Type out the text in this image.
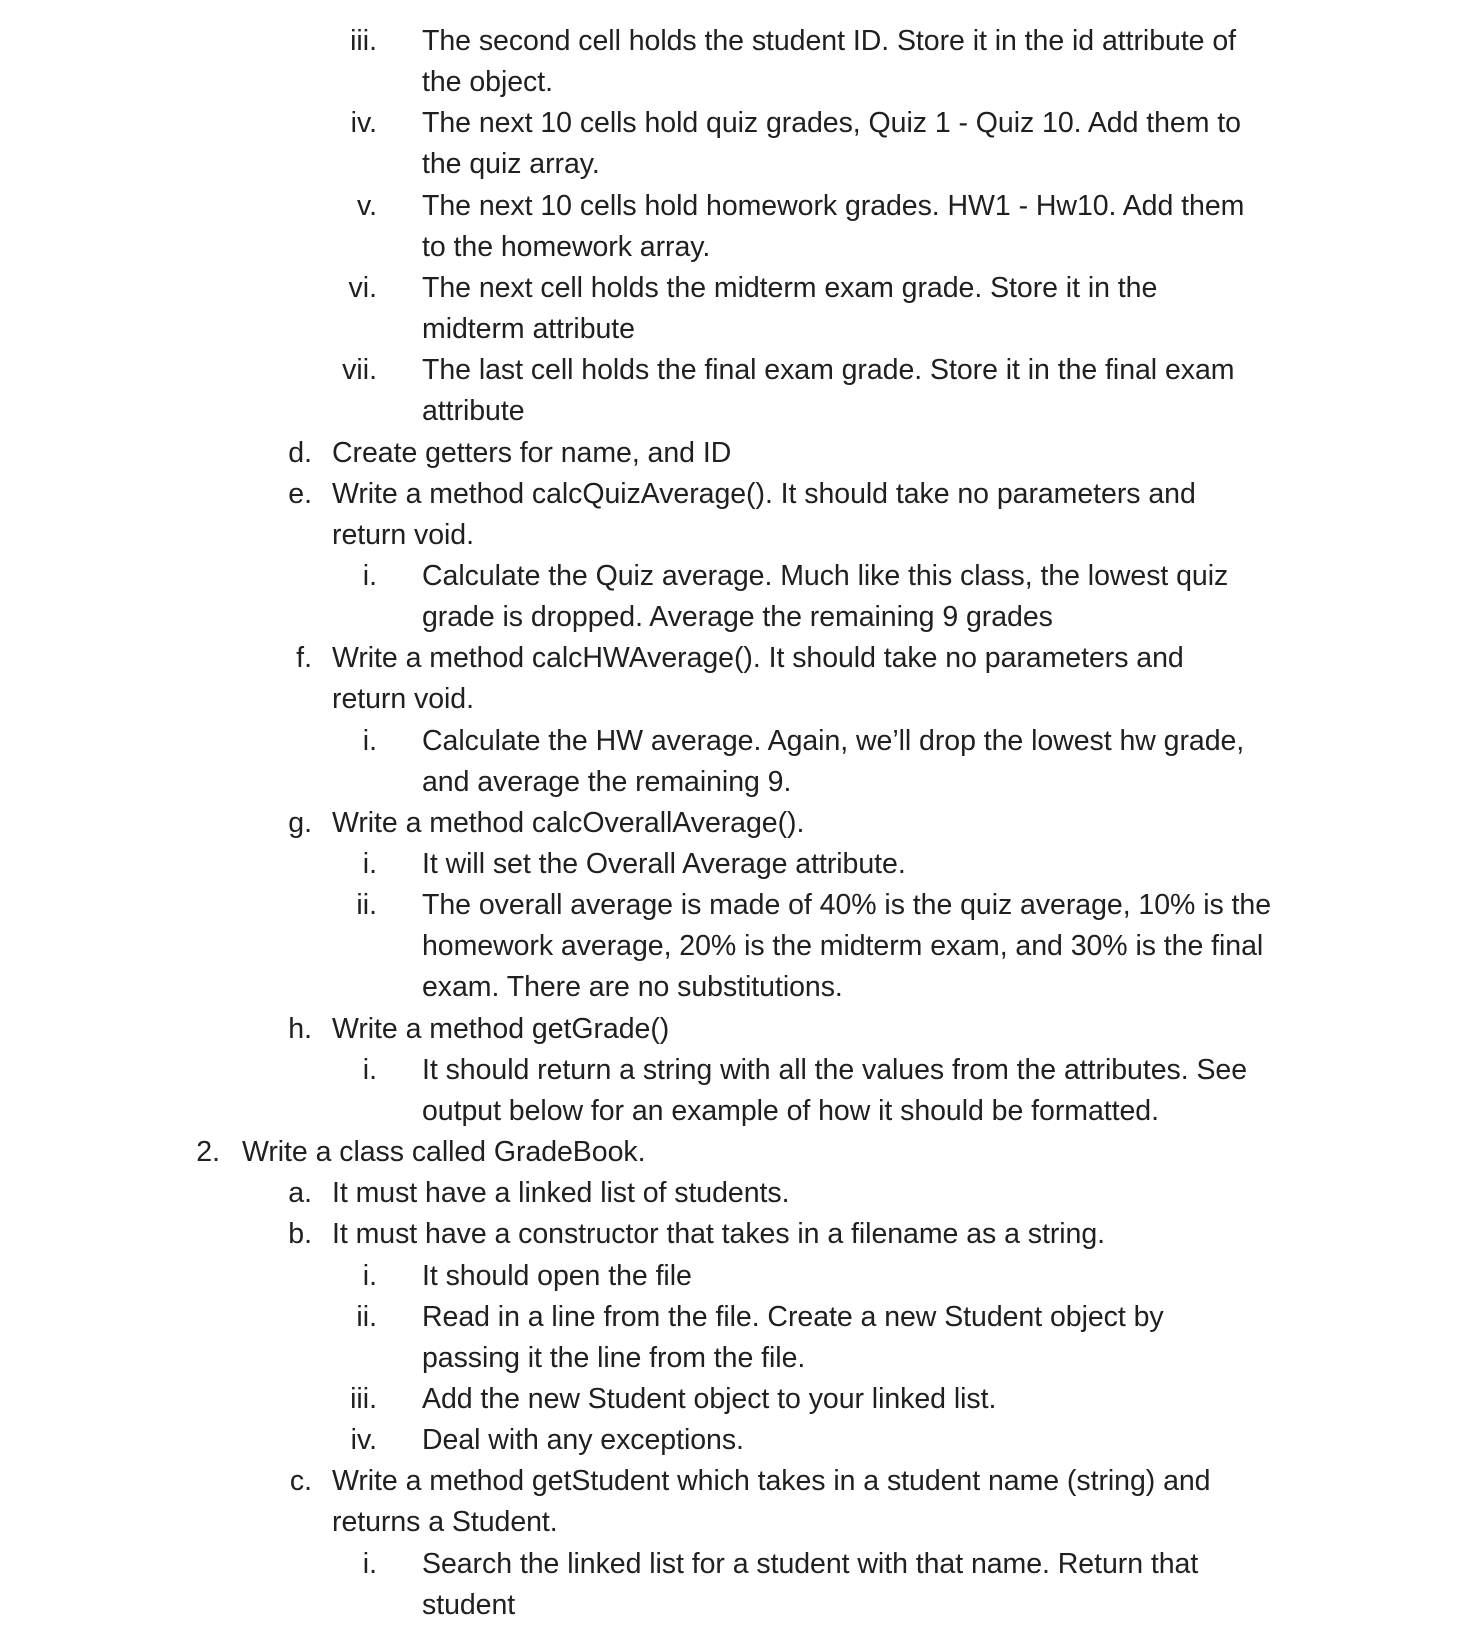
iii. The second cell holds the student ID. Store it in the id attribute of
the object.
iv. The next 10 cells hold quiz grades, Quiz 1 - Quiz 10. Add them to
the quiz array.
v. The next 10 cells hold homework grades. HW1 - Hw10. Add them
to the homework array.
vi. The next cell holds the midterm exam grade. Store it in the
midterm attribute
vii. The last cell holds the final exam grade. Store it in the final exam
attribute
d. Create getters for name, and ID
e. Write a method calcQuizAverage(). It should take no parameters and
return void.
i. Calculate the Quiz average. Much like this class, the lowest quiz
grade is dropped. Average the remaining 9 grades
f. Write a method calcHWAverage(). It should take no parameters and
return void.
i. Calculate the HW average. Again, we’ll drop the lowest hw grade,
and average the remaining 9.
g. Write a method calcOverallAverage().
i. It will set the Overall Average attribute.
ii. The overall average is made of 40% is the quiz average, 10% is the
homework average, 20% is the midterm exam, and 30% is the final
exam. There are no substitutions.
h. Write a method getGrade()
i. It should return a string with all the values from the attributes. See
output below for an example of how it should be formatted.
2. Write a class called GradeBook.
a. It must have a linked list of students.
b. It must have a constructor that takes in a filename as a string.
i. It should open the file
ii. Read in a line from the file. Create a new Student object by
passing it the line from the file.
iii. Add the new Student object to your linked list.
iv. Deal with any exceptions.
c. Write a method getStudent which takes in a student name (string) and
returns a Student.
i. Search the linked list for a student with that name. Return that
student
